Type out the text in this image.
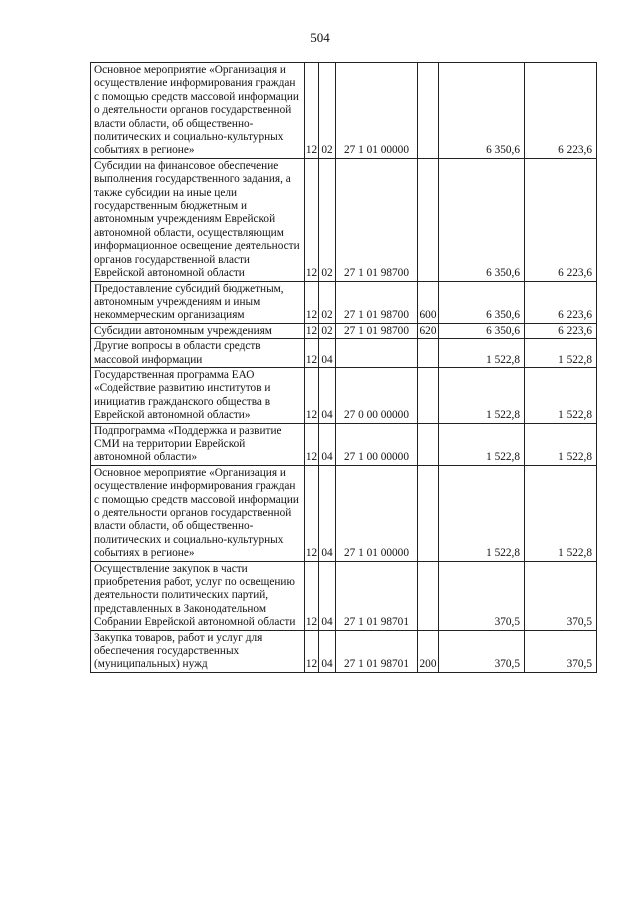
504
Основное мероприятие «Организация и осуществление информирования граждан с помощью средств массовой информации о деятельности органов государственной власти области, об общественно-политических и социально-культурных событиях в регионе»	12	02	27 1 01 00000		6 350,6	6 223,6
Субсидии на финансовое обеспечение выполнения государственного задания, а также субсидии на иные цели государственным бюджетным и автономным учреждениям Еврейской автономной области, осуществляющим информационное освещение деятельности органов государственной власти Еврейской автономной области	12	02	27 1 01 98700		6 350,6	6 223,6
Предоставление субсидий бюджетным, автономным учреждениям и иным некоммерческим организациям	12	02	27 1 01 98700	600	6 350,6	6 223,6
Субсидии автономным учреждениям	12	02	27 1 01 98700	620	6 350,6	6 223,6
Другие вопросы в области средств массовой информации	12	04			1 522,8	1 522,8
Государственная программа ЕАО «Содействие развитию институтов и инициатив гражданского общества в Еврейской автономной области»	12	04	27 0 00 00000		1 522,8	1 522,8
Подпрограмма «Поддержка и развитие СМИ на территории Еврейской автономной области»	12	04	27 1 00 00000		1 522,8	1 522,8
Основное мероприятие «Организация и осуществление информирования граждан с помощью средств массовой информации о деятельности органов государственной власти области, об общественно-политических и социально-культурных событиях в регионе»	12	04	27 1 01 00000		1 522,8	1 522,8
Осуществление закупок в части приобретения работ, услуг по освещению деятельности политических партий, представленных в Законодательном Собрании Еврейской автономной области	12	04	27 1 01 98701		370,5	370,5
Закупка товаров, работ и услуг для обеспечения государственных (муниципальных) нужд	12	04	27 1 01 98701	200	370,5	370,5
